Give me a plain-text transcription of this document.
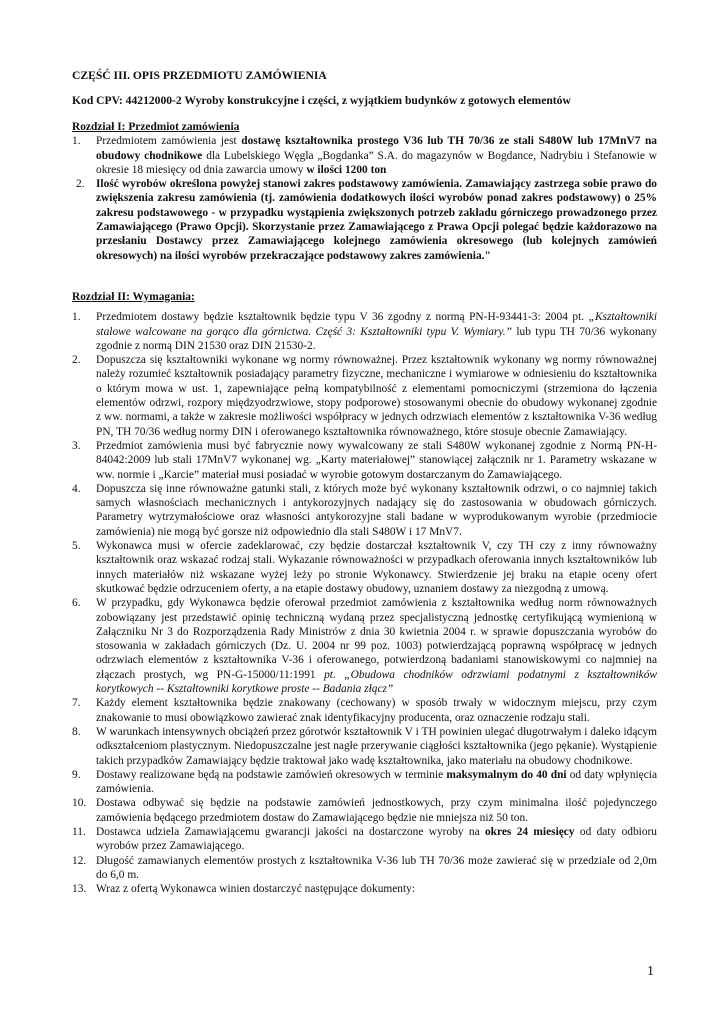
CZĘŚĆ III. OPIS PRZEDMIOTU ZAMÓWIENIA
Kod CPV: 44212000-2 Wyroby konstrukcyjne i części, z wyjątkiem budynków z gotowych elementów
Rozdział I: Przedmiot zamówienia
1.	Przedmiotem zamówienia jest dostawę kształtownika prostego V36 lub TH 70/36 ze stali S480W lub 17MnV7 na obudowy chodnikowe dla Lubelskiego Węgla „Bogdanka” S.A. do magazynów w Bogdance, Nadrybiu i Stefanowie w okresie 18 miesięcy od dnia zawarcia umowy w ilości 1200 ton
2.	Ilość wyrobów określona powyżej stanowi zakres podstawowy zamówienia. Zamawiający zastrzega sobie prawo do zwiększenia zakresu zamówienia (tj. zamówienia dodatkowych ilości wyrobów ponad zakres podstawowy) o 25% zakresu podstawowego - w przypadku wystąpienia zwiększonych potrzeb zakładu górniczego prowadzonego przez Zamawiającego (Prawo Opcji). Skorzystanie przez Zamawiającego z Prawa Opcji polegać będzie każdorazowo na przesłaniu Dostawcy przez Zamawiającego kolejnego zamówienia okresowego (lub kolejnych zamówień okresowych) na ilości wyrobów przekraczające podstawowy zakres zamówienia."
Rozdział II: Wymagania:
1.	Przedmiotem dostawy będzie kształtownik będzie typu V 36 zgodny z normą PN-H-93441-3: 2004 pt. „Kształtowniki stalowe walcowane na gorąco dla górnictwa. Część 3: Kształtowniki typu V. Wymiary.” lub typu TH 70/36 wykonany zgodnie z normą DIN 21530 oraz DIN 21530-2.
2.	Dopuszcza się kształtowniki wykonane wg normy równoważnej. Przez kształtownik wykonany wg normy równoważnej należy rozumieć kształtownik posiadający parametry fizyczne, mechaniczne i wymiarowe w odniesieniu do kształtownika o którym mowa w ust. 1, zapewniające pełną kompatybilność z elementami pomocniczymi (strzemiona do łączenia elementów odrzwi, rozpory międzyodrzwiowe, stopy podporowe) stosowanymi obecnie do obudowy wykonanej zgodnie z ww. normami, a także w zakresie możliwości współpracy w jednych odrzwiach elementów z kształtownika V-36 według PN, TH 70/36 według normy DIN i oferowanego kształtownika równoważnego, które stosuje obecnie Zamawiający.
3.	Przedmiot zamówienia musi być fabrycznie nowy wywalcowany ze stali S480W wykonanej zgodnie z Normą PN-H-84042:2009 lub stali 17MnV7 wykonanej wg. „Karty materiałowej” stanowiącej załącznik nr 1. Parametry wskazane w ww. normie i „Karcie” materiał musi posiadać w wyrobie gotowym dostarczanym do Zamawiającego.
4.	Dopuszcza się inne równoważne gatunki stali, z których może być wykonany kształtownik odrzwi, o co najmniej takich samych własnościach mechanicznych i antykorozyjnych nadający się do zastosowania w obudowach górniczych. Parametry wytrzymałościowe oraz własności antykorozyjne stali badane w wyprodukowanym wyrobie (przedmiocie zamówienia) nie mogą być gorsze niż odpowiednio dla stali S480W i 17 MnV7.
5.	Wykonawca musi w ofercie zadeklarować, czy będzie dostarczał kształtownik V, czy TH czy z inny równoważny kształtownik oraz wskazać rodzaj stali. Wykazanie równoważności w przypadkach oferowania innych kształtowników lub innych materiałów niż wskazane wyżej leży po stronie Wykonawcy. Stwierdzenie jej braku na etapie oceny ofert skutkować będzie odrzuceniem oferty, a na etapie dostawy obudowy, uznaniem dostawy za niezgodną z umową.
6.	W przypadku, gdy Wykonawca będzie oferował przedmiot zamówienia z kształtownika według norm równoważnych zobowiązany jest przedstawić opinię techniczną wydaną przez specjalistyczną jednostkę certyfikującą wymienioną w Załączniku Nr 3 do Rozporządzenia Rady Ministrów z dnia 30 kwietnia 2004 r. w sprawie dopuszczania wyrobów do stosowania w zakładach górniczych (Dz. U. 2004 nr 99 poz. 1003) potwierdzającą poprawną współpracę w jednych odrzwiach elementów z kształtownika V-36 i oferowanego, potwierdzoną badaniami stanowiskowymi co najmniej na złączach prostych, wg PN-G-15000/11:1991 pt. „Obudowa chodników odrzwiami podatnymi z kształtowników korytkowych -- Kształtowniki korytkowe proste -- Badania złącz”
7.	Każdy element kształtownika będzie znakowany (cechowany) w sposób trwały w widocznym miejscu, przy czym znakowanie to musi obowiązkowo zawierać znak identyfikacyjny producenta, oraz oznaczenie rodzaju stali.
8.	W warunkach intensywnych obciążeń przez górotwór kształtownik V i TH powinien ulegać długotrwałym i daleko idącym odkształceniom plastycznym. Niedopuszczalne jest nagłe przerywanie ciągłości kształtownika (jego pękanie). Wystąpienie takich przypadków Zamawiający będzie traktował jako wadę kształtownika, jako materiału na obudowy chodnikowe.
9.	Dostawy realizowane będą na podstawie zamówień okresowych w terminie maksymalnym do 40 dni od daty wpłynięcia zamówienia.
10. Dostawa odbywać się będzie na podstawie zamówień jednostkowych, przy czym minimalna ilość pojedynczego zamówienia będącego przedmiotem dostaw do Zamawiającego będzie nie mniejsza niż 50 ton.
11. Dostawca udziela Zamawiającemu gwarancji jakości na dostarczone wyroby na okres 24 miesięcy od daty odbioru wyrobów przez Zamawiającego.
12. Długość zamawianych elementów prostych z kształtownika V-36 lub TH 70/36 może zawierać się w przedziale od 2,0m do 6,0 m.
13. Wraz z ofertą Wykonawca winien dostarczyć następujące dokumenty:
1
